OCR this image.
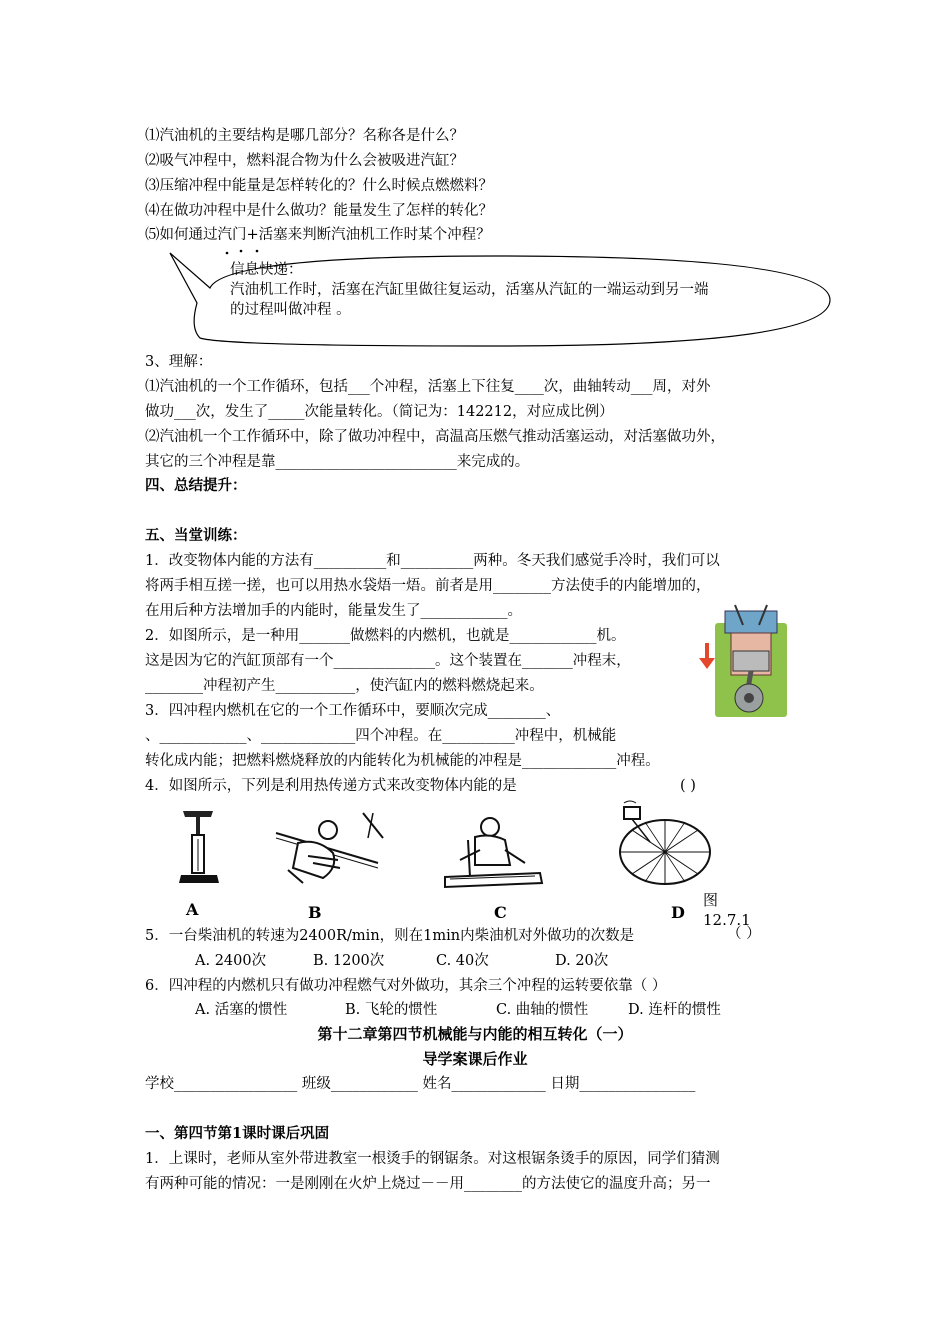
⑴汽油机的主要结构是哪几部分？名称各是什么？
⑵吸气冲程中，燃料混合物为什么会被吸进汽缸？
⑶压缩冲程中能量是怎样转化的？什么时候点燃燃料？
⑷在做功冲程中是什么做功？能量发生了怎样的转化？
⑸如何通过汽门+活塞来判断汽油机工作时某个冲程？
信息快递：
汽油机工作时，活塞在汽缸里做往复运动，活塞从汽缸的一端运动到另一端
的过程叫做冲程 。
3、理解：
⑴汽油机的一个工作循环，包括___个冲程，活塞上下往复____次，曲轴转动___周，对外
做功___次，发生了_____次能量转化。（简记为：142212，对应成比例）
⑵汽油机一个工作循环中，除了做功冲程中，高温高压燃气推动活塞运动，对活塞做功外，
其它的三个冲程是靠_________________________来完成的。
四、总结提升：
五、当堂训练：
1．改变物体内能的方法有__________和__________两种。冬天我们感觉手冷时，我们可以
将两手相互搓一搓，也可以用热水袋焐一焐。前者是用________方法使手的内能增加的，
在用后种方法增加手的内能时，能量发生了____________。
2．如图所示，是一种用_______做燃料的内燃机，也就是____________机。
这是因为它的汽缸顶部有一个______________。这个装置在_______冲程末，
________冲程初产生___________，使汽缸内的燃料燃烧起来。
3．四冲程内燃机在它的一个工作循环中，要顺次完成________、
、____________、_____________四个冲程。在__________冲程中，机械能
转化成内能；把燃料燃烧释放的内能转化为机械能的冲程是_____________冲程。
4．如图所示，下列是利用热传递方式来改变物体内能的是	( )
A	B	C	D
图
12.7.1
5．一台柴油机的转速为2400R/min，则在1min内柴油机对外做功的次数是	（ ）
A. 2400次	B. 1200次	C. 40次	D. 20次
6．四冲程的内燃机只有做功冲程燃气对外做功，其余三个冲程的运转要依靠（ ）
A. 活塞的惯性	B. 飞轮的惯性	C. 曲轴的惯性	D. 连杆的惯性
第十二章第四节机械能与内能的相互转化（一）
导学案课后作业
学校_________________ 班级____________ 姓名_____________ 日期________________
一、第四节第1课时课后巩固
1．上课时，老师从室外带进教室一根烫手的钢锯条。对这根锯条烫手的原因，同学们猜测
有两种可能的情况：一是刚刚在火炉上烧过－－用________的方法使它的温度升高；另一
